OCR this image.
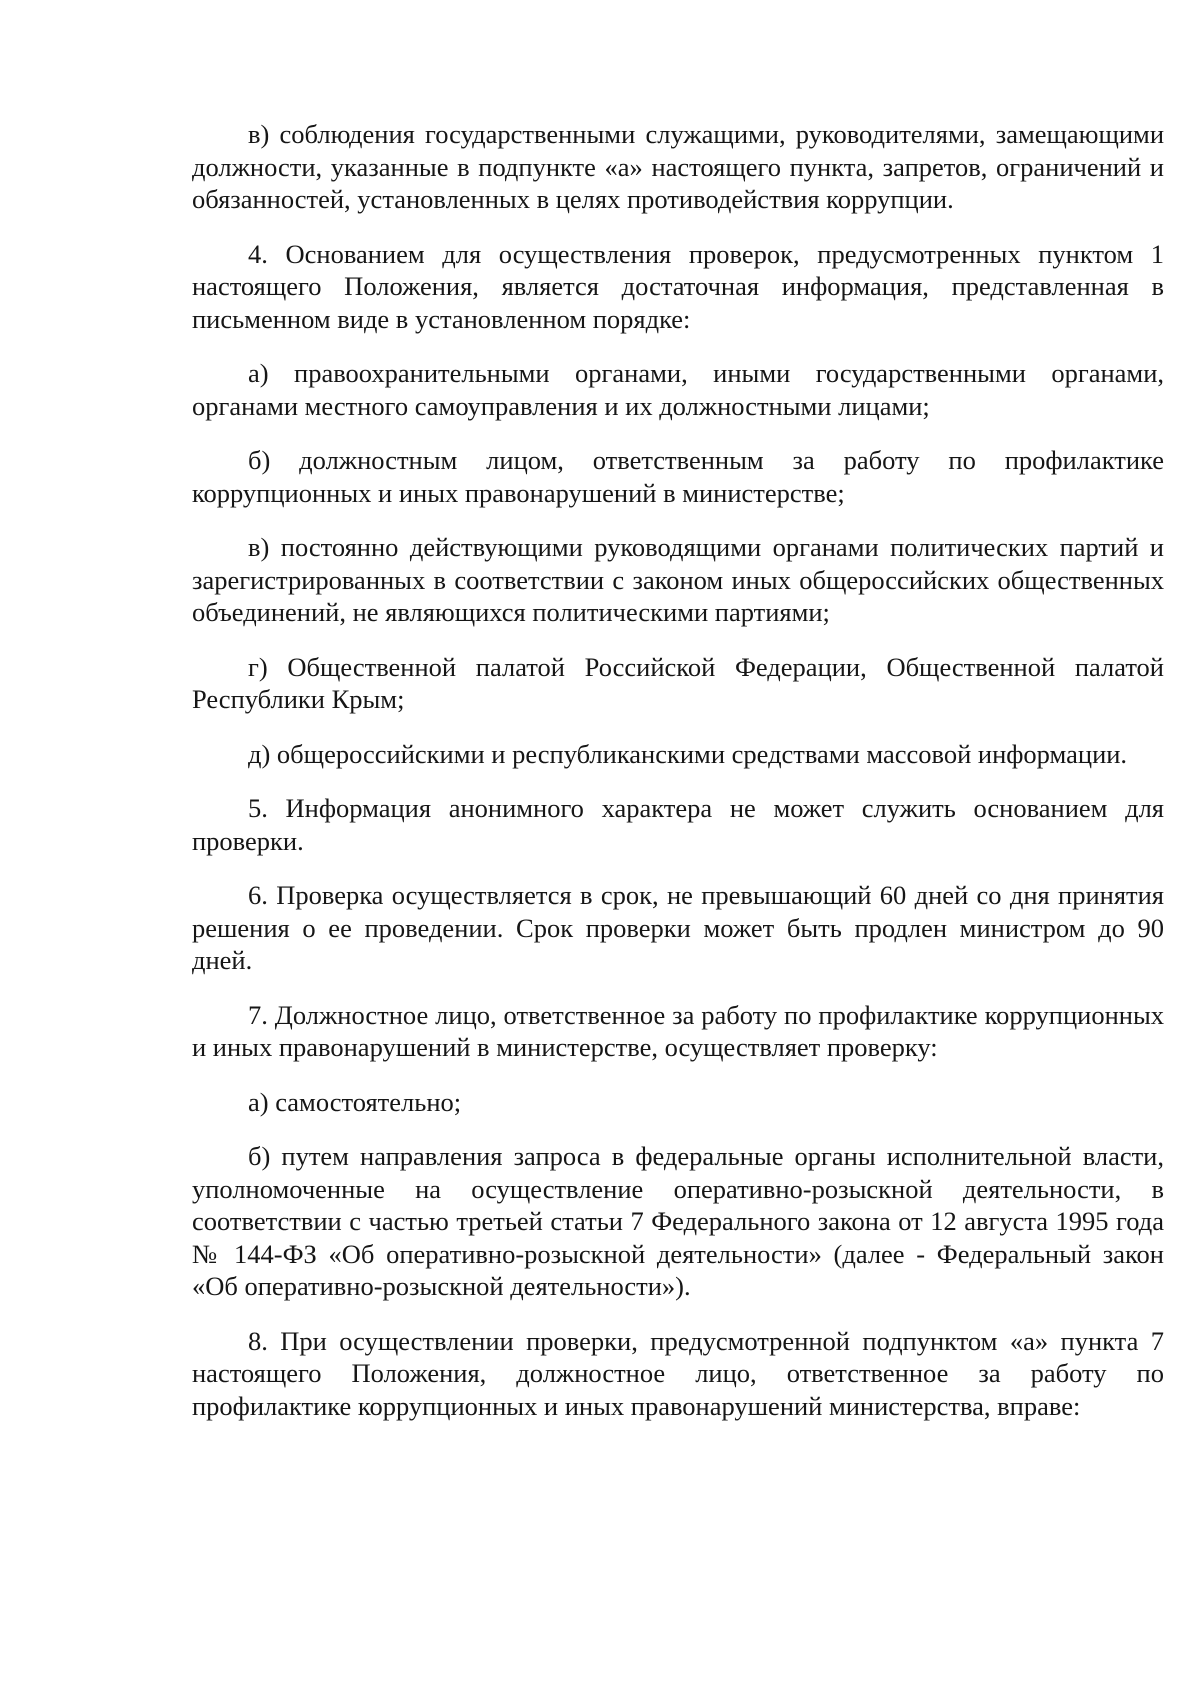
в) соблюдения государственными служащими, руководителями, замещающими должности, указанные в подпункте «а» настоящего пункта, запретов, ограничений и обязанностей, установленных в целях противодействия коррупции.

4. Основанием для осуществления проверок, предусмотренных пунктом 1 настоящего Положения, является достаточная информация, представленная в письменном виде в установленном порядке:

а) правоохранительными органами, иными государственными органами, органами местного самоуправления и их должностными лицами;

б) должностным лицом, ответственным за работу по профилактике коррупционных и иных правонарушений в министерстве;

в) постоянно действующими руководящими органами политических партий и зарегистрированных в соответствии с законом иных общероссийских общественных объединений, не являющихся политическими партиями;

г) Общественной палатой Российской Федерации, Общественной палатой Республики Крым;

д) общероссийскими и республиканскими средствами массовой информации.

5. Информация анонимного характера не может служить основанием для проверки.

6. Проверка осуществляется в срок, не превышающий 60 дней со дня принятия решения о ее проведении. Срок проверки может быть продлен министром до 90 дней.

7. Должностное лицо, ответственное за работу по профилактике коррупционных и иных правонарушений в министерстве, осуществляет проверку:

а) самостоятельно;

б) путем направления запроса в федеральные органы исполнительной власти, уполномоченные на осуществление оперативно-розыскной деятельности, в соответствии с частью третьей статьи 7 Федерального закона от 12 августа 1995 года № 144-ФЗ «Об оперативно-розыскной деятельности» (далее - Федеральный закон «Об оперативно-розыскной деятельности»).

8. При осуществлении проверки, предусмотренной подпунктом «а» пункта 7 настоящего Положения, должностное лицо, ответственное за работу по профилактике коррупционных и иных правонарушений министерства, вправе:
